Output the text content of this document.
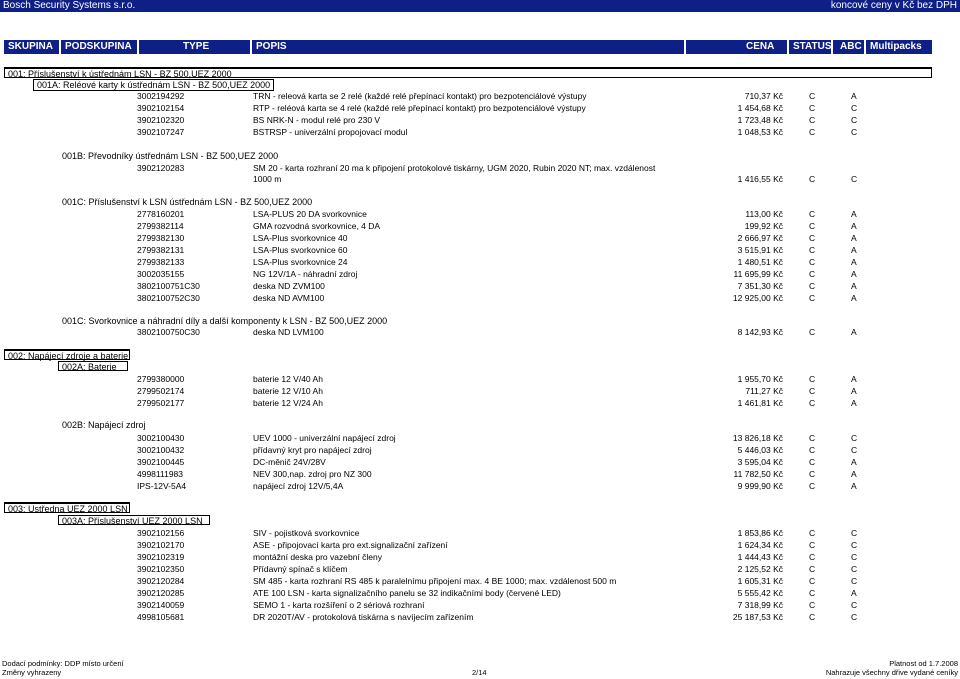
Bosch Security Systems s.r.o.	koncové ceny v Kč bez DPH
SKUPINA	PODSKUPINA	TYPE	POPIS	CENA	STATUS ABC Multipacks
001: Příslušenství k ústřednám LSN - BZ 500,UEZ 2000
001A: Reléové karty k ústřednám LSN - BZ 500,UEZ 2000
3002194292	TRN - releová karta se 2 relé (každé relé přepínací kontakt) pro bezpotenciálové výstupy	710,37 Kč	C	A
3902102154	RTP - reléová karta se 4 relé (každé relé přepínací kontakt) pro bezpotenciálové výstupy	1 454,68 Kč	C	C
3902102320	BS NRK-N - modul relé pro 230 V	1 723,48 Kč	C	C
3902107247	BSTRSP - univerzální propojovací modul	1 048,53 Kč	C	C
3902120283	SM 20 - karta rozhraní 20 ma k připojení protokolové tiskárny, UGM 2020, Rubin 2020 NT; max. vzdálenost
1000 m	1 416,55 Kč	C	C
2778160201	LSA-PLUS 20 DA svorkovnice	113,00 Kč	C	A
2799382114	GMA rozvodná svorkovnice, 4 DA	199,92 Kč	C	A
2799382130	LSA-Plus svorkovnice 40	2 666,97 Kč	C	A
2799382131	LSA-Plus svorkovnice 60	3 515,91 Kč	C	A
2799382133	LSA-Plus svorkovnice 24	1 480,51 Kč	C	A
3002035155	NG 12V/1A - náhradní zdroj	11 695,99 Kč	C	A
3802100751C30	deska ND ZVM100	7 351,30 Kč	C	A
3802100752C30	deska ND AVM100	12 925,00 Kč	C	A
3802100750C30	deska ND LVM100	8 142,93 Kč	C	A
2799380000	baterie 12 V/40 Ah	1 955,70 Kč	C	A
2799502174	baterie 12 V/10 Ah	711,27 Kč	C	A
2799502177	baterie 12 V/24 Ah	1 461,81 Kč	C	A
3002100430	UEV 1000 - univerzální napájecí zdroj	13 826,18 Kč	C	C
3002100432	přídavný kryt pro napájecí zdroj	5 446,03 Kč	C	C
3902100445	DC-měnič 24V/28V	3 595,04 Kč	C	A
4998111983	NEV 300,nap. zdroj pro NZ 300	11 782,50 Kč	C	A
IPS-12V-5A4	napájecí zdroj 12V/5,4A	9 999,90 Kč	C	A
3902102156	SIV - pojistková svorkovnice	1 853,86 Kč	C	C
3902102170	ASE - připojovací karta pro ext.signalizační zařízení	1 624,34 Kč	C	C
3902102319	montážní deska pro vazební členy	1 444,43 Kč	C	C
3902102350	Přídavný spínač s klíčem	2 125,52 Kč	C	C
3902120284	SM 485 - karta rozhraní RS 485 k paralelnímu připojení max. 4 BE 1000; max. vzdálenost 500 m	1 605,31 Kč	C	C
3902120285	ATE 100 LSN - karta signalizačního panelu se 32 indikačními body (červené LED)	5 555,42 Kč	C	A
3902140059	SEMO 1 - karta rozšíření o 2 sériová rozhraní	7 318,99 Kč	C	C
4998105681	DR 2020T/AV - protokolová tiskárna s navíjecím zařízením	25 187,53 Kč	C	C
001B: Převodníky ústřednám LSN - BZ 500,UEZ 2000
001C: Příslušenství k LSN ústřednám LSN - BZ 500,UEZ 2000
001C: Svorkovnice a náhradní díly a další komponenty k LSN - BZ 500,UEZ 2000
002: Napájecí zdroje a baterie
002A: Baterie
002B: Napájecí zdroj
003: Ustředna UEZ 2000 LSN
003A: Příslušenství UEZ 2000 LSN
Dodací podmínky: DDP místo určení
Změny vyhrazeny	2/14
Platnost od 1.7.2008
Nahrazuje všechny dřive vydané ceníky
